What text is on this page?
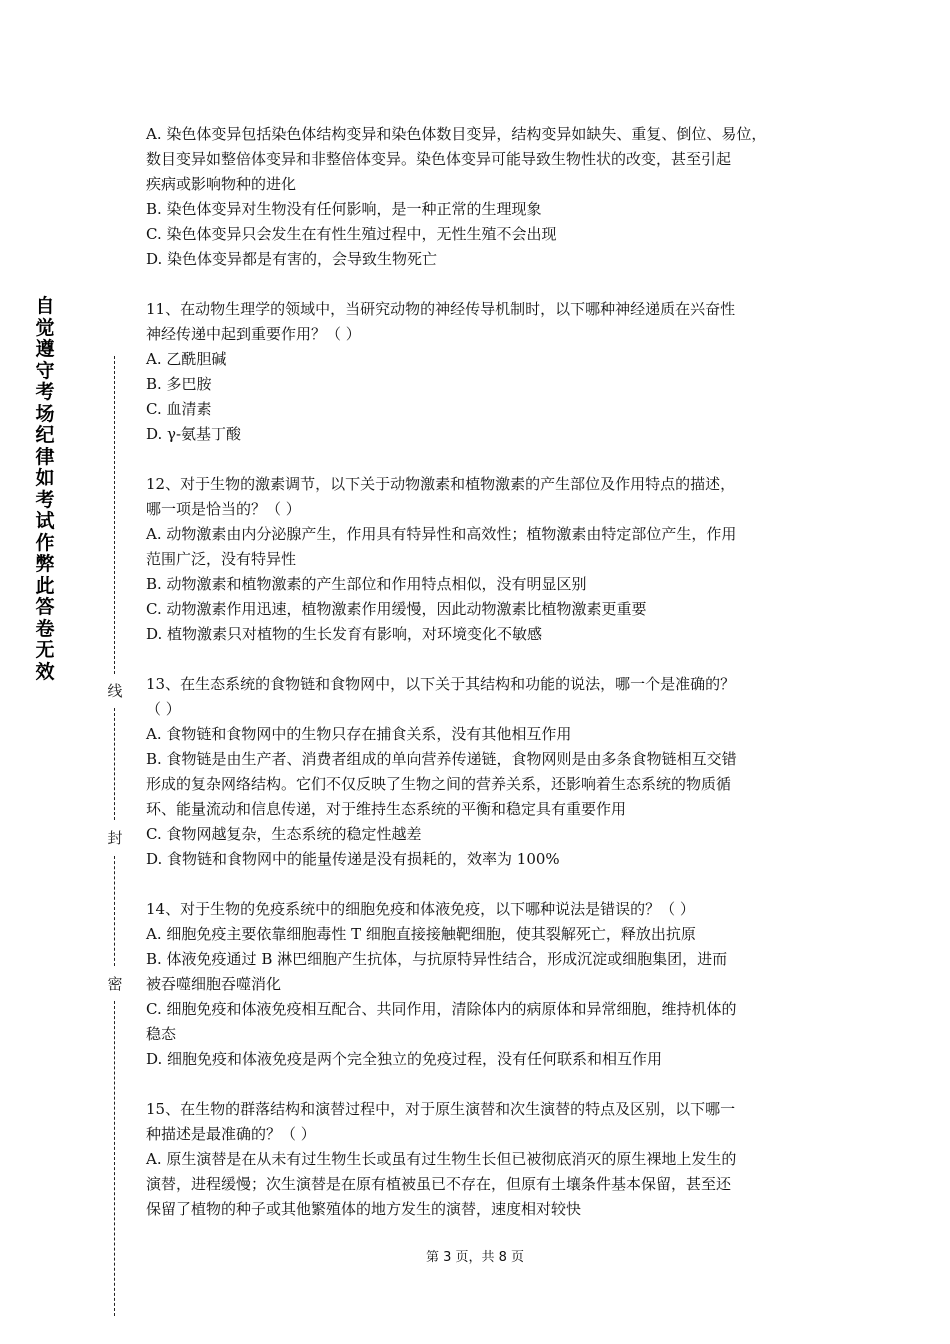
自觉遵守考场纪律如考试作弊此答卷无效
线
封
密
A. 染色体变异包括染色体结构变异和染色体数目变异，结构变异如缺失、重复、倒位、易位，
数目变异如整倍体变异和非整倍体变异。染色体变异可能导致生物性状的改变，甚至引起
疾病或影响物种的进化
B. 染色体变异对生物没有任何影响，是一种正常的生理现象
C. 染色体变异只会发生在有性生殖过程中，无性生殖不会出现
D. 染色体变异都是有害的，会导致生物死亡
11、在动物生理学的领域中，当研究动物的神经传导机制时，以下哪种神经递质在兴奋性
神经传递中起到重要作用？（ ）
A. 乙酰胆碱
B. 多巴胺
C. 血清素
D. γ-氨基丁酸
12、对于生物的激素调节，以下关于动物激素和植物激素的产生部位及作用特点的描述，
哪一项是恰当的？（ ）
A. 动物激素由内分泌腺产生，作用具有特异性和高效性；植物激素由特定部位产生，作用
范围广泛，没有特异性
B. 动物激素和植物激素的产生部位和作用特点相似，没有明显区别
C. 动物激素作用迅速，植物激素作用缓慢，因此动物激素比植物激素更重要
D. 植物激素只对植物的生长发育有影响，对环境变化不敏感
13、在生态系统的食物链和食物网中，以下关于其结构和功能的说法，哪一个是准确的？
（ ）
A. 食物链和食物网中的生物只存在捕食关系，没有其他相互作用
B. 食物链是由生产者、消费者组成的单向营养传递链，食物网则是由多条食物链相互交错
形成的复杂网络结构。它们不仅反映了生物之间的营养关系，还影响着生态系统的物质循
环、能量流动和信息传递，对于维持生态系统的平衡和稳定具有重要作用
C. 食物网越复杂，生态系统的稳定性越差
D. 食物链和食物网中的能量传递是没有损耗的，效率为 100%
14、对于生物的免疫系统中的细胞免疫和体液免疫，以下哪种说法是错误的？（ ）
A. 细胞免疫主要依靠细胞毒性 T 细胞直接接触靶细胞，使其裂解死亡，释放出抗原
B. 体液免疫通过 B 淋巴细胞产生抗体，与抗原特异性结合，形成沉淀或细胞集团，进而
被吞噬细胞吞噬消化
C. 细胞免疫和体液免疫相互配合、共同作用，清除体内的病原体和异常细胞，维持机体的
稳态
D. 细胞免疫和体液免疫是两个完全独立的免疫过程，没有任何联系和相互作用
15、在生物的群落结构和演替过程中，对于原生演替和次生演替的特点及区别，以下哪一
种描述是最准确的？（ ）
A. 原生演替是在从未有过生物生长或虽有过生物生长但已被彻底消灭的原生裸地上发生的
演替，进程缓慢；次生演替是在原有植被虽已不存在，但原有土壤条件基本保留，甚至还
保留了植物的种子或其他繁殖体的地方发生的演替，速度相对较快
第 3 页，共 8 页
